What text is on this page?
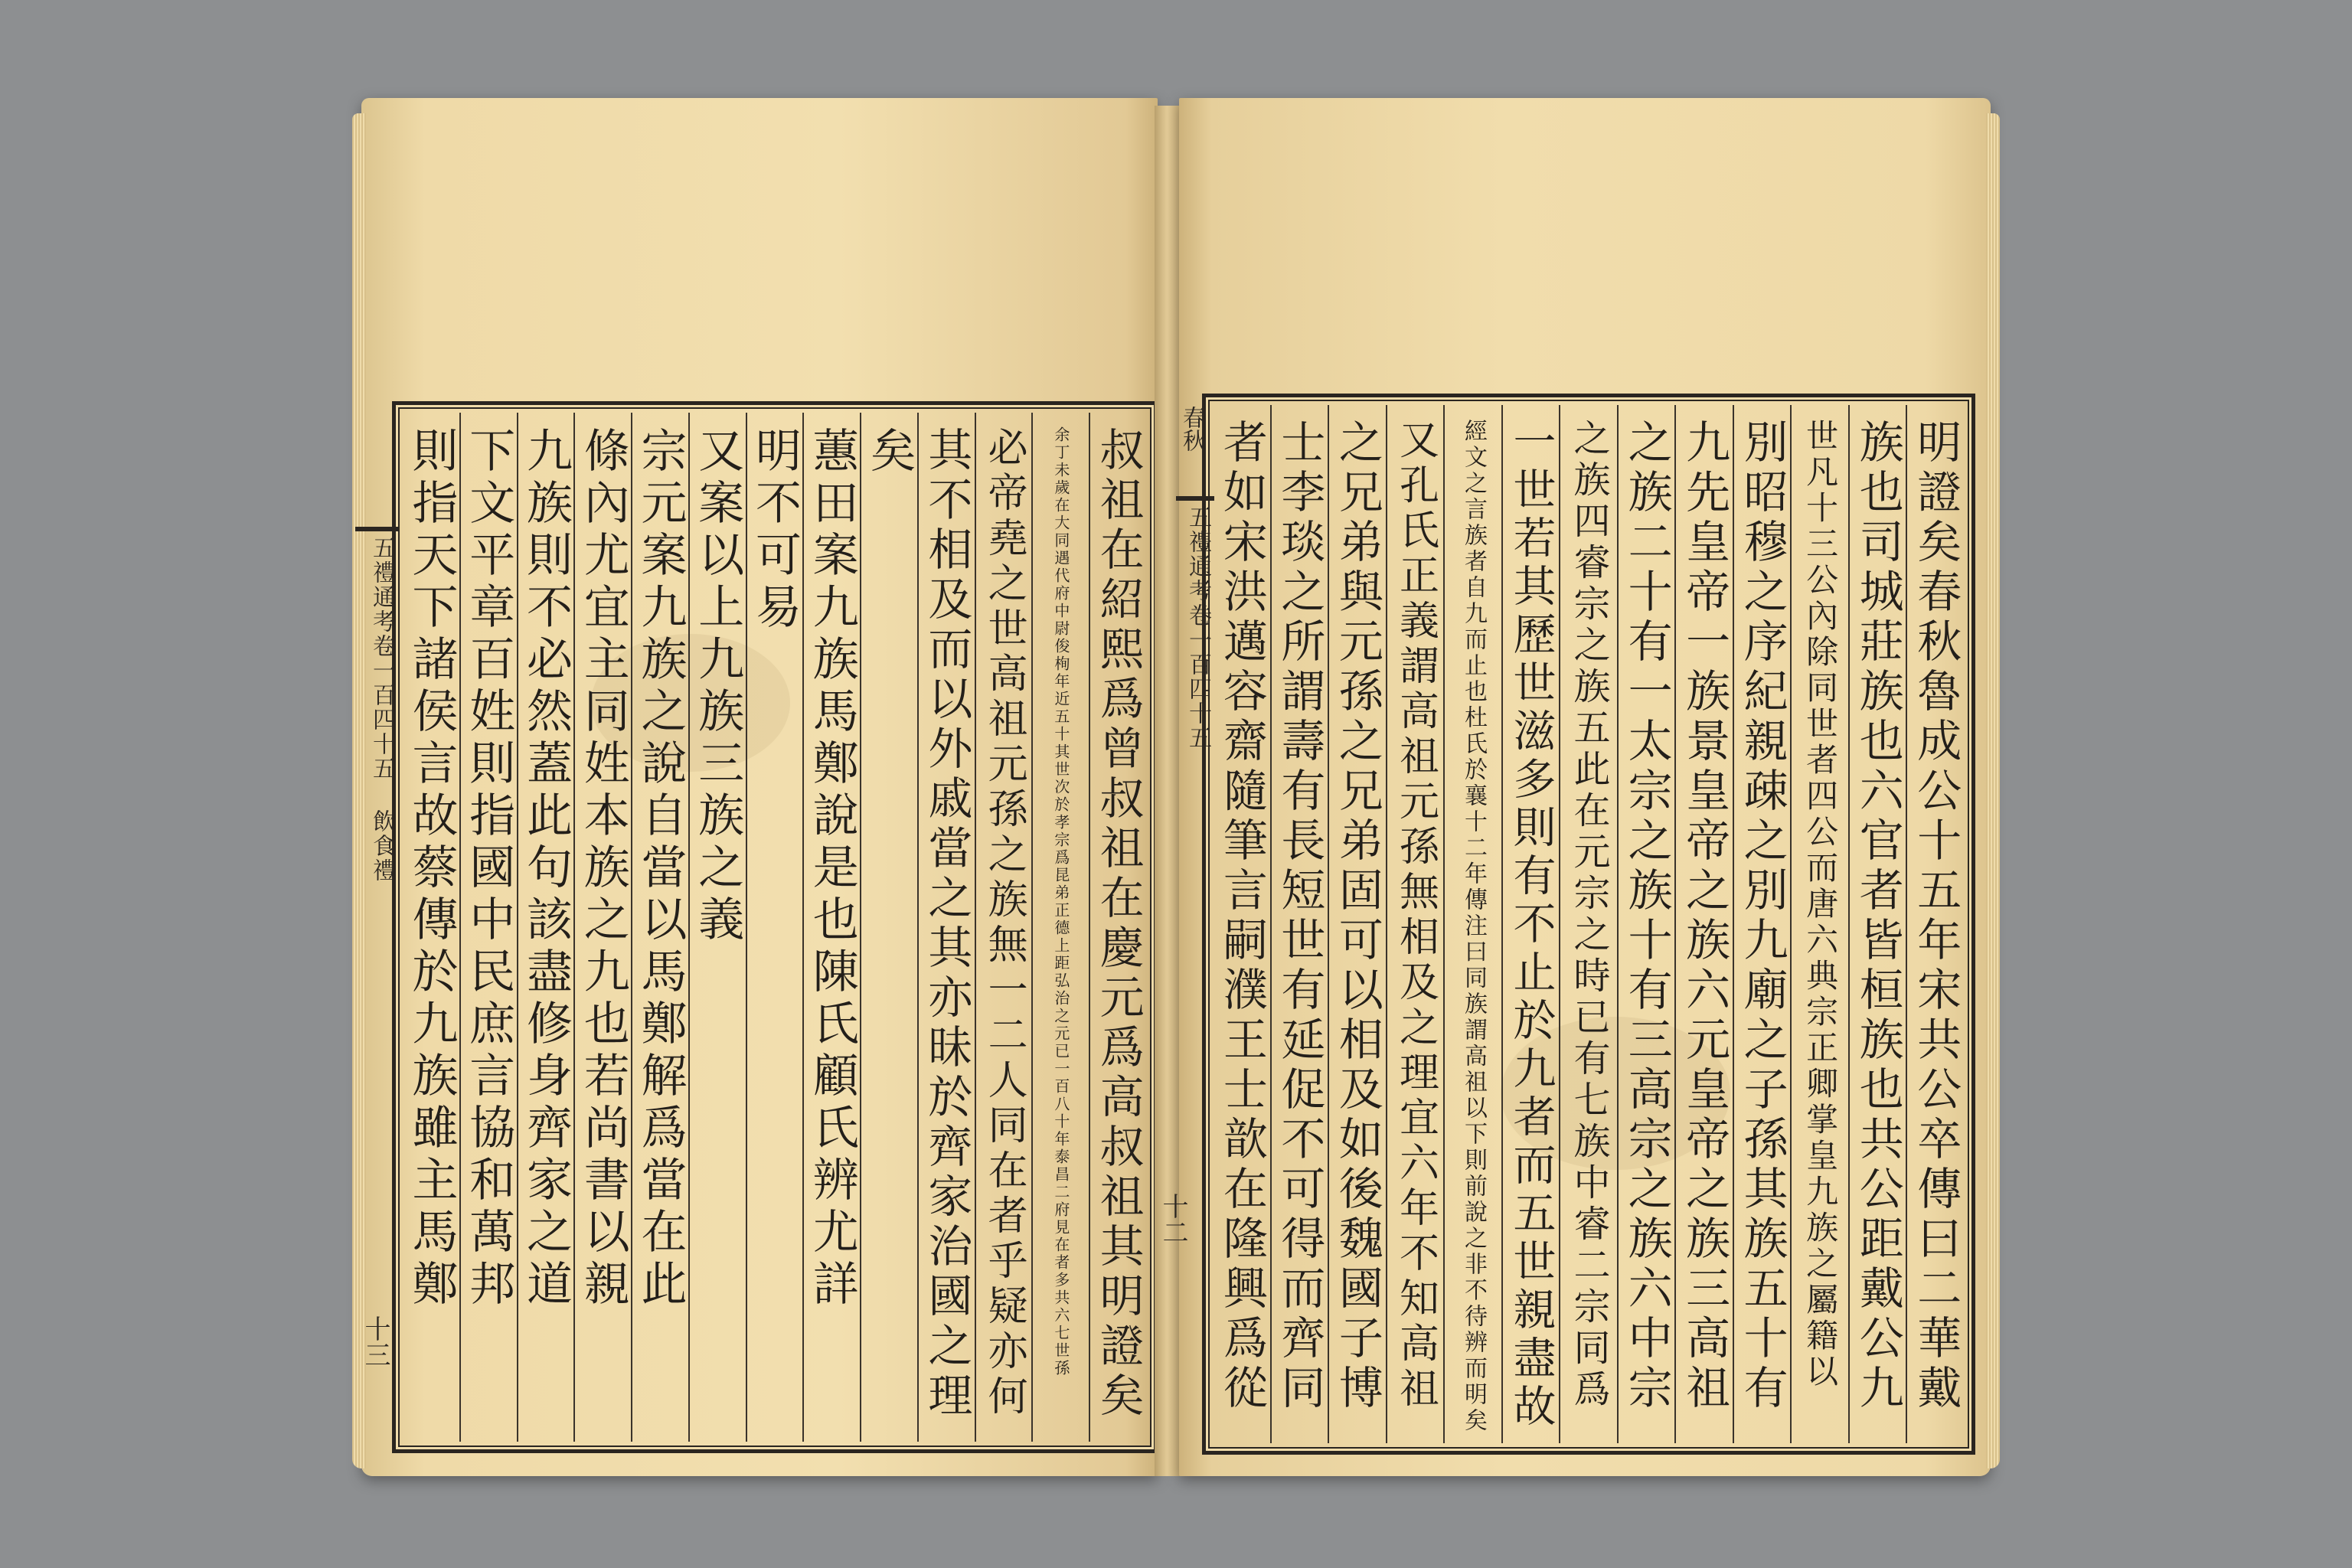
叔祖在紹熙爲曾叔祖在慶元爲高叔祖其明證矣
余丁未歲在大同遇代府中尉俊栒年近五十其世次於孝宗爲昆弟正德上距弘治之元已一百八十年泰昌二府見在者多共六七世孫
必帝堯之世高祖元孫之族無一二人同在者乎疑亦何
其不相及而以外戚當之其亦昧於齊家治國之理
矣
蕙田案九族馬鄭說是也陳氏顧氏辨尤詳
明不可易
又案以上九族三族之義
宗元案九族之說自當以馬鄭解爲當在此
條內尤宜主同姓本族之九也若尚書以親
九族則不必然蓋此句該盡修身齊家之道
下文平章百姓則指國中民庶言協和萬邦
則指天下諸侯言故蔡傳於九族雖主馬鄭
五禮通考卷一百四十五 飲食禮
十三	明證矣春秋魯成公十五年宋共公卒傳曰二華戴
族也司城莊族也六官者皆桓族也共公距戴公九
世凡十三公內除同世者四公而唐六典宗正卿掌皇九族之屬籍以
別昭穆之序紀親疎之別九廟之子孫其族五十有
九先皇帝一族景皇帝之族六元皇帝之族三高祖
之族二十有一太宗之族十有三高宗之族六中宗
之族四睿宗之族五此在元宗之時已有七族中睿二宗同爲
一世若其歷世滋多則有不止於九者而五世親盡故
經文之言族者自九而止也杜氏於襄十二年傳注曰同族謂高祖以下則前說之非不待辨而明矣
又孔氏正義謂高祖元孫無相及之理宜六年不知高祖
之兄弟與元孫之兄弟固可以相及如後魏國子博
士李琰之所謂壽有長短世有延促不可得而齊同
者如宋洪邁容齋隨筆言嗣濮王士歆在隆興爲從
春秋
五禮通考卷一百四十五
十二
